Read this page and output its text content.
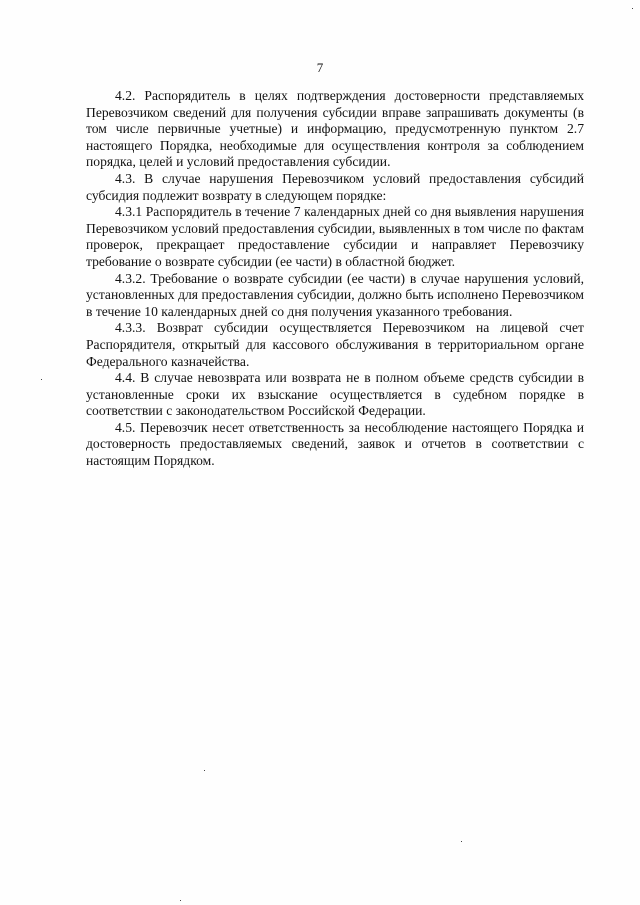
7

4.2. Распорядитель в целях подтверждения достоверности представляемых Перевозчиком сведений для получения субсидии вправе запрашивать документы (в том числе первичные учетные) и информацию, предусмотренную пунктом 2.7 настоящего Порядка, необходимые для осуществления контроля за соблюдением порядка, целей и условий предоставления субсидии.

4.3. В случае нарушения Перевозчиком условий предоставления субсидий субсидия подлежит возврату в следующем порядке:

4.3.1 Распорядитель в течение 7 календарных дней со дня выявления нарушения Перевозчиком условий предоставления субсидии, выявленных в том числе по фактам проверок, прекращает предоставление субсидии и направляет Перевозчику требование о возврате субсидии (ее части) в областной бюджет.

4.3.2. Требование о возврате субсидии (ее части) в случае нарушения условий, установленных для предоставления субсидии, должно быть исполнено Перевозчиком в течение 10 календарных дней со дня получения указанного требования.

4.3.3. Возврат субсидии осуществляется Перевозчиком на лицевой счет Распорядителя, открытый для кассового обслуживания в территориальном органе Федерального казначейства.

4.4. В случае невозврата или возврата не в полном объеме средств субсидии в установленные сроки их взыскание осуществляется в судебном порядке в соответствии с законодательством Российской Федерации.

4.5. Перевозчик несет ответственность за несоблюдение настоящего Порядка и достоверность предоставляемых сведений, заявок и отчетов в соответствии с настоящим Порядком.
